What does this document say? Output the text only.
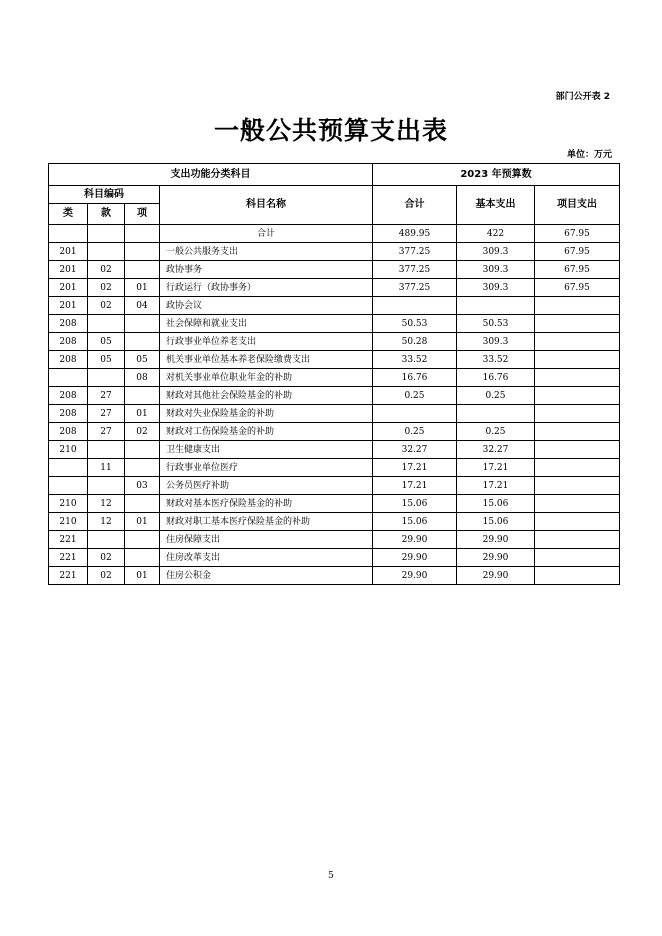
部门公开表 2
一般公共预算支出表
单位：万元
支出功能分类科目				2023 年预算数		
科目编码			科目名称	合计	基本支出	项目支出
类	款	项				
			合计	489.95	422	67.95
201			一般公共服务支出	377.25	309.3	67.95
201	02		政协事务	377.25	309.3	67.95
201	02	01	行政运行（政协事务）	377.25	309.3	67.95
201	02	04	政协会议			
208			社会保障和就业支出	50.53	50.53	
208	05		行政事业单位养老支出	50.28	309.3	
208	05	05	机关事业单位基本养老保险缴费支出	33.52	33.52	
		08	对机关事业单位职业年金的补助	16.76	16.76	
208	27		财政对其他社会保险基金的补助	0.25	0.25	
208	27	01	财政对失业保险基金的补助			
208	27	02	财政对工伤保险基金的补助	0.25	0.25	
210			卫生健康支出	32.27	32.27	
	11		行政事业单位医疗	17.21	17.21	
		03	公务员医疗补助	17.21	17.21	
210	12		财政对基本医疗保险基金的补助	15.06	15.06	
210	12	01	财政对职工基本医疗保险基金的补助	15.06	15.06	
221			住房保障支出	29.90	29.90	
221	02		住房改革支出	29.90	29.90	
221	02	01	住房公积金	29.90	29.90	
5
